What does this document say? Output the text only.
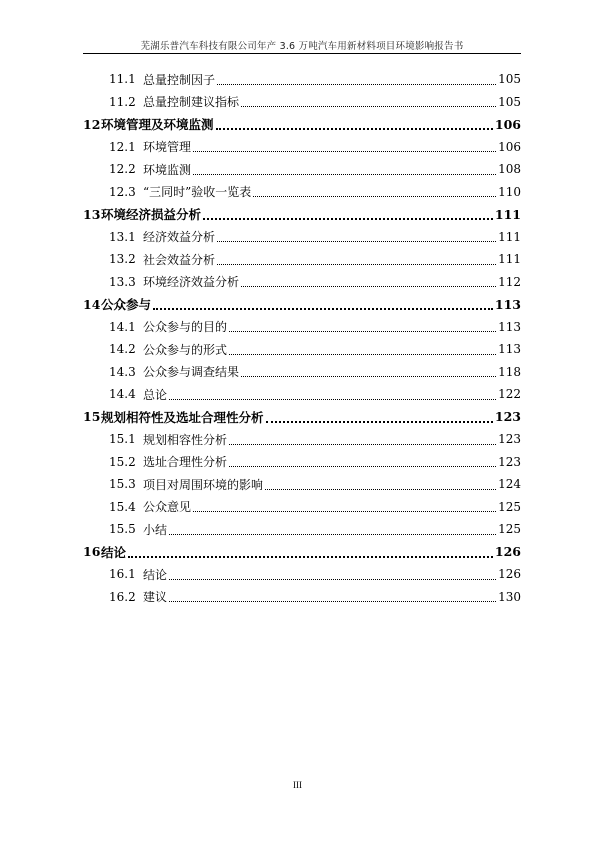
芜湖乐普汽车科技有限公司年产 3.6 万吨汽车用新材料项目环境影响报告书
11.1 总量控制因子	105
11.2 总量控制建议指标	105
12 环境管理及环境监测	106
12.1 环境管理	106
12.2 环境监测	108
12.3 “三同时”验收一览表	110
13 环境经济损益分析	111
13.1 经济效益分析	111
13.2 社会效益分析	111
13.3 环境经济效益分析	112
14 公众参与	113
14.1 公众参与的目的	113
14.2 公众参与的形式	113
14.3 公众参与调查结果	118
14.4 总论	122
15 规划相符性及选址合理性分析	123
15.1 规划相容性分析	123
15.2 选址合理性分析	123
15.3 项目对周围环境的影响	124
15.4 公众意见	125
15.5 小结	125
16 结论	126
16.1 结论	126
16.2 建议	130
III
